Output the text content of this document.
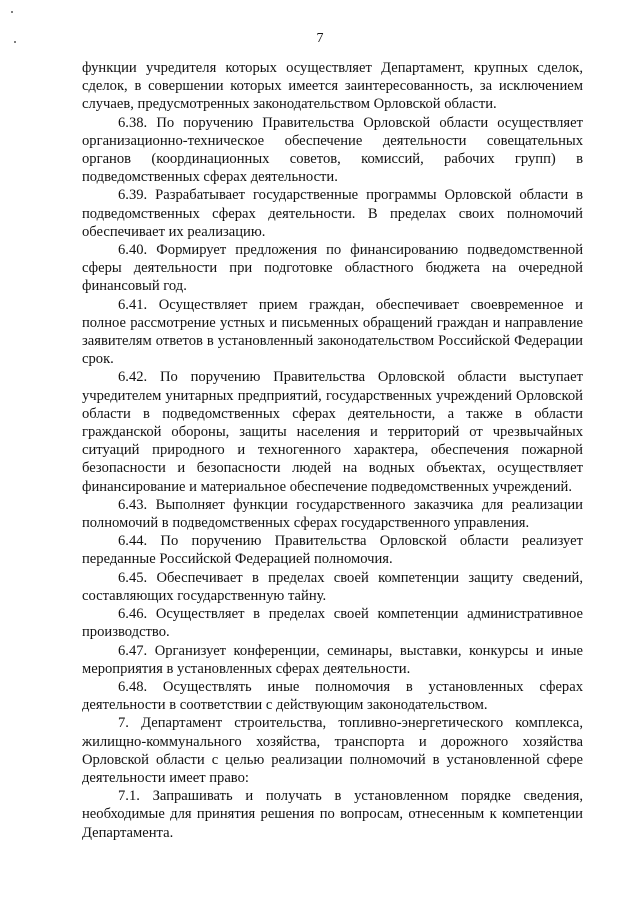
7

функции учредителя которых осуществляет Департамент, крупных сделок, сделок, в совершении которых имеется заинтересованность, за исключением случаев, предусмотренных законодательством Орловской области.

6.38. По поручению Правительства Орловской области осуществляет организационно-техническое обеспечение деятельности совещательных органов (координационных советов, комиссий, рабочих групп) в подведомственных сферах деятельности.

6.39. Разрабатывает государственные программы Орловской области в подведомственных сферах деятельности. В пределах своих полномочий обеспечивает их реализацию.

6.40. Формирует предложения по финансированию подведомственной сферы деятельности при подготовке областного бюджета на очередной финансовый год.

6.41. Осуществляет прием граждан, обеспечивает своевременное и полное рассмотрение устных и письменных обращений граждан и направление заявителям ответов в установленный законодательством Российской Федерации срок.

6.42. По поручению Правительства Орловской области выступает учредителем унитарных предприятий, государственных учреждений Орловской области в подведомственных сферах деятельности, а также в области гражданской обороны, защиты населения и территорий от чрезвычайных ситуаций природного и техногенного характера, обеспечения пожарной безопасности и безопасности людей на водных объектах, осуществляет финансирование и материальное обеспечение подведомственных учреждений.

6.43. Выполняет функции государственного заказчика для реализации полномочий в подведомственных сферах государственного управления.

6.44. По поручению Правительства Орловской области реализует переданные Российской Федерацией полномочия.

6.45. Обеспечивает в пределах своей компетенции защиту сведений, составляющих государственную тайну.

6.46. Осуществляет в пределах своей компетенции административное производство.

6.47. Организует конференции, семинары, выставки, конкурсы и иные мероприятия в установленных сферах деятельности.

6.48. Осуществлять иные полномочия в установленных сферах деятельности в соответствии с действующим законодательством.

7. Департамент строительства, топливно-энергетического комплекса, жилищно-коммунального хозяйства, транспорта и дорожного хозяйства Орловской области с целью реализации полномочий в установленной сфере деятельности имеет право:

7.1. Запрашивать и получать в установленном порядке сведения, необходимые для принятия решения по вопросам, отнесенным к компетенции Департамента.
